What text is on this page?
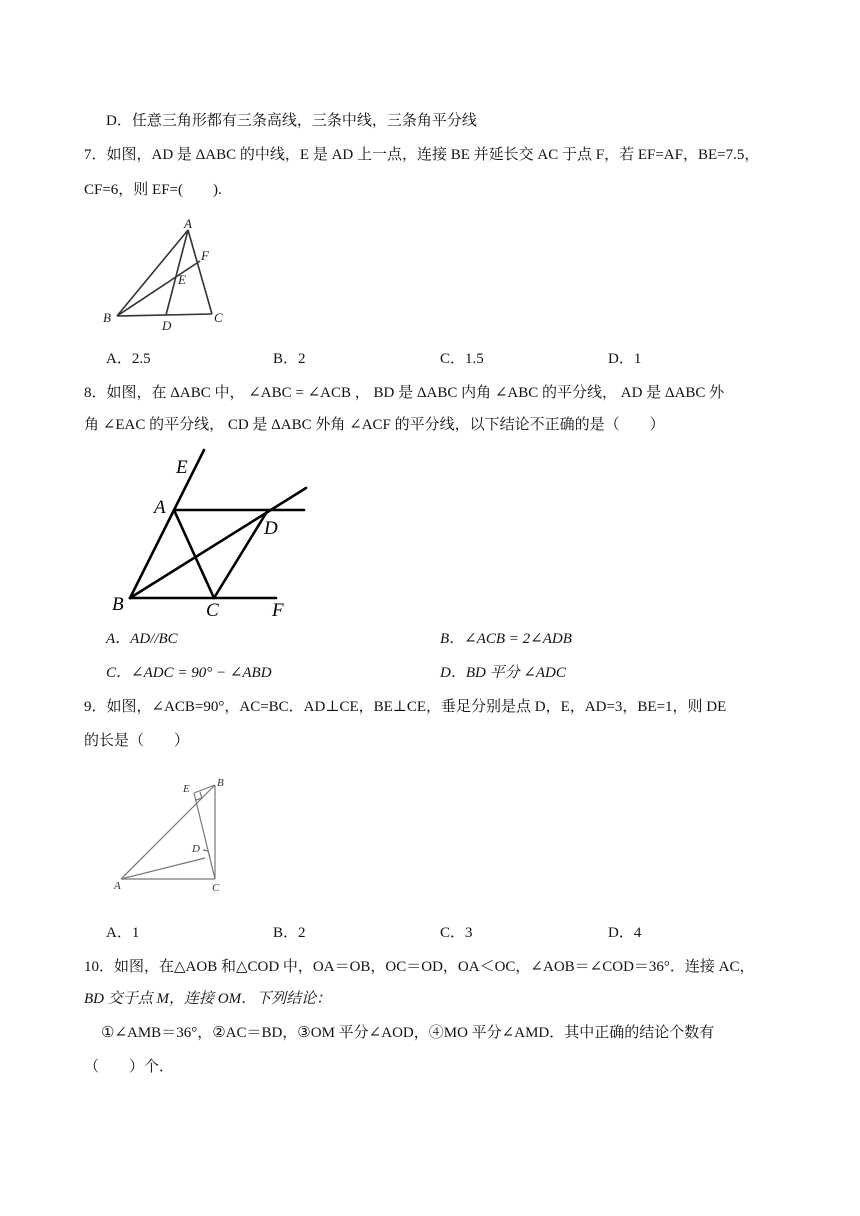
D．任意三角形都有三条高线，三条中线，三条角平分线
7．如图，AD 是 ΔABC 的中线，E 是 AD 上一点，连接 BE 并延长交 AC 于点 F，若 EF=AF，BE=7.5，
CF=6，则 EF=(　　).
A
F
E
B
D
C
A．2.5	B．2	C．1.5	D．1
8．如图，在 ΔABC 中， ∠ABC = ∠ACB ， BD 是 ΔABC 内角 ∠ABC 的平分线， AD 是 ΔABC 外
角 ∠EAC 的平分线， CD 是 ΔABC 外角 ∠ACF 的平分线，以下结论不正确的是（　　）
E
A
D
B	C	F
A．AD//BC	B．∠ACB = 2∠ADB
C．∠ADC = 90° − ∠ABD	D．BD 平分 ∠ADC
9．如图，∠ACB=90°，AC=BC．AD⊥CE，BE⊥CE，垂足分别是点 D，E，AD=3，BE=1，则 DE
的长是（　　）
B
E
D
A	C
A．1	B．2	C．3	D．4
10．如图，在△AOB 和△COD 中，OA＝OB，OC＝OD，OA＜OC，∠AOB＝∠COD＝36°．连接 AC，
BD 交于点 M，连接 OM．下列结论：
①∠AMB＝36°，②AC＝BD，③OM 平分∠AOD，④MO 平分∠AMD．其中正确的结论个数有
（　　）个．
